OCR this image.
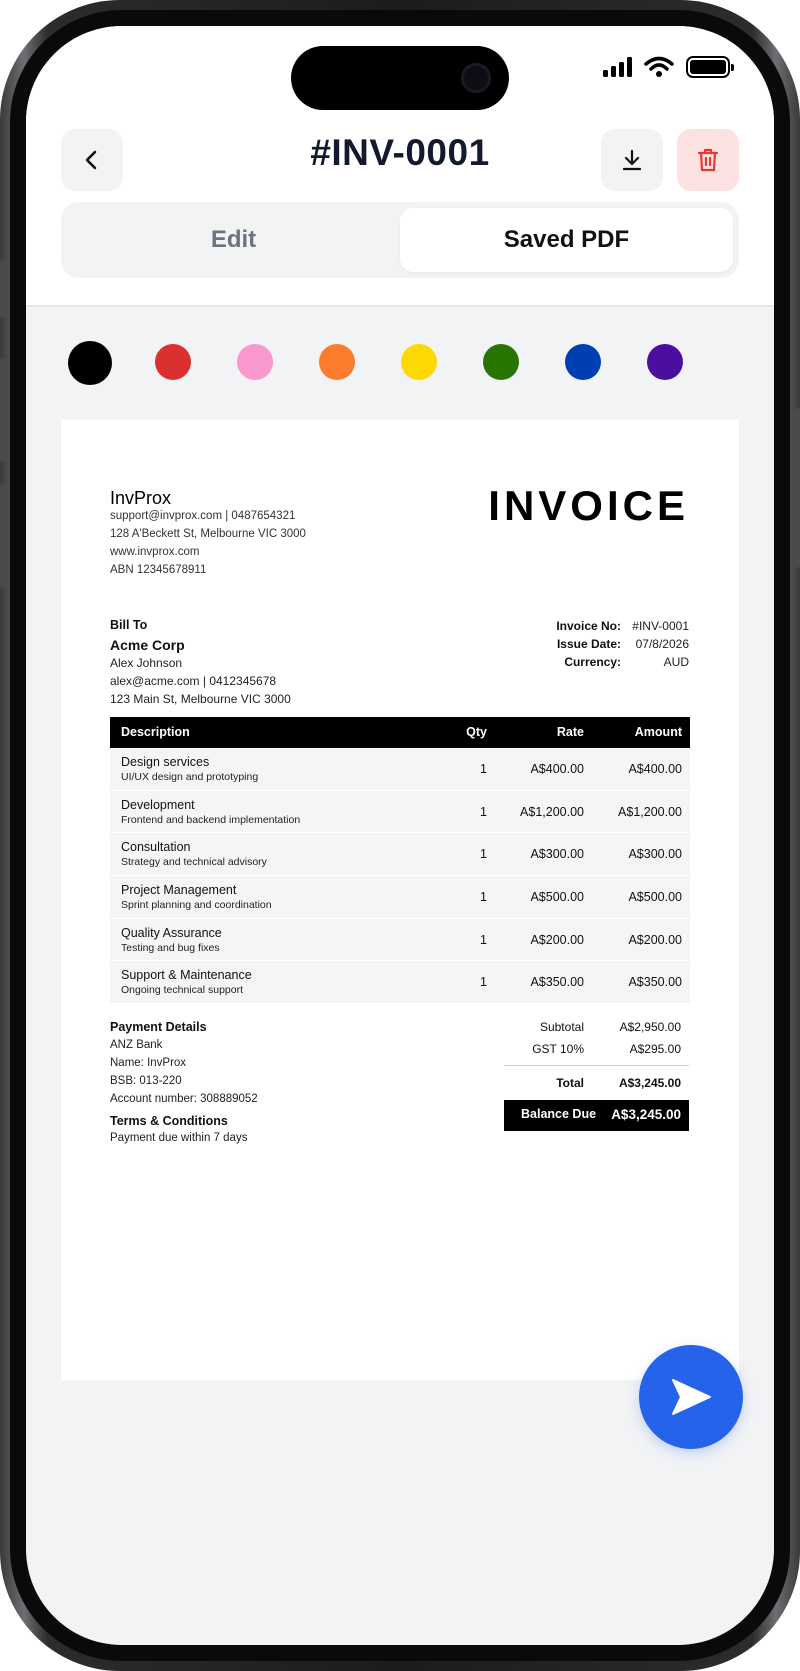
#INV-0001
Edit	Saved PDF
InvProx
support@invprox.com | 0487654321
128 A'Beckett St, Melbourne VIC 3000
www.invprox.com
ABN 12345678911
INVOICE
Bill To
Acme Corp
Alex Johnson
alex@acme.com | 0412345678
123 Main St, Melbourne VIC 3000
Invoice No: #INV-0001
Issue Date: 07/8/2026
Currency:	AUD
Description	Qty	Rate	Amount
Design services
UI/UX design and prototyping
1	A$400.00	A$400.00
Development
Frontend and backend implementation
1	A$1,200.00	A$1,200.00
Consultation
Strategy and technical advisory
1	A$300.00	A$300.00
Project Management
Sprint planning and coordination
1	A$500.00	A$500.00
Quality Assurance
Testing and bug fixes
1	A$200.00	A$200.00
Support & Maintenance
Ongoing technical support
1	A$350.00	A$350.00
Payment Details
ANZ Bank
Name: InvProx
BSB: 013-220
Account number: 308889052
Terms & Conditions
Payment due within 7 days
Subtotal	A$2,950.00
GST 10%	A$295.00
Total	A$3,245.00
Balance Due A$3,245.00
